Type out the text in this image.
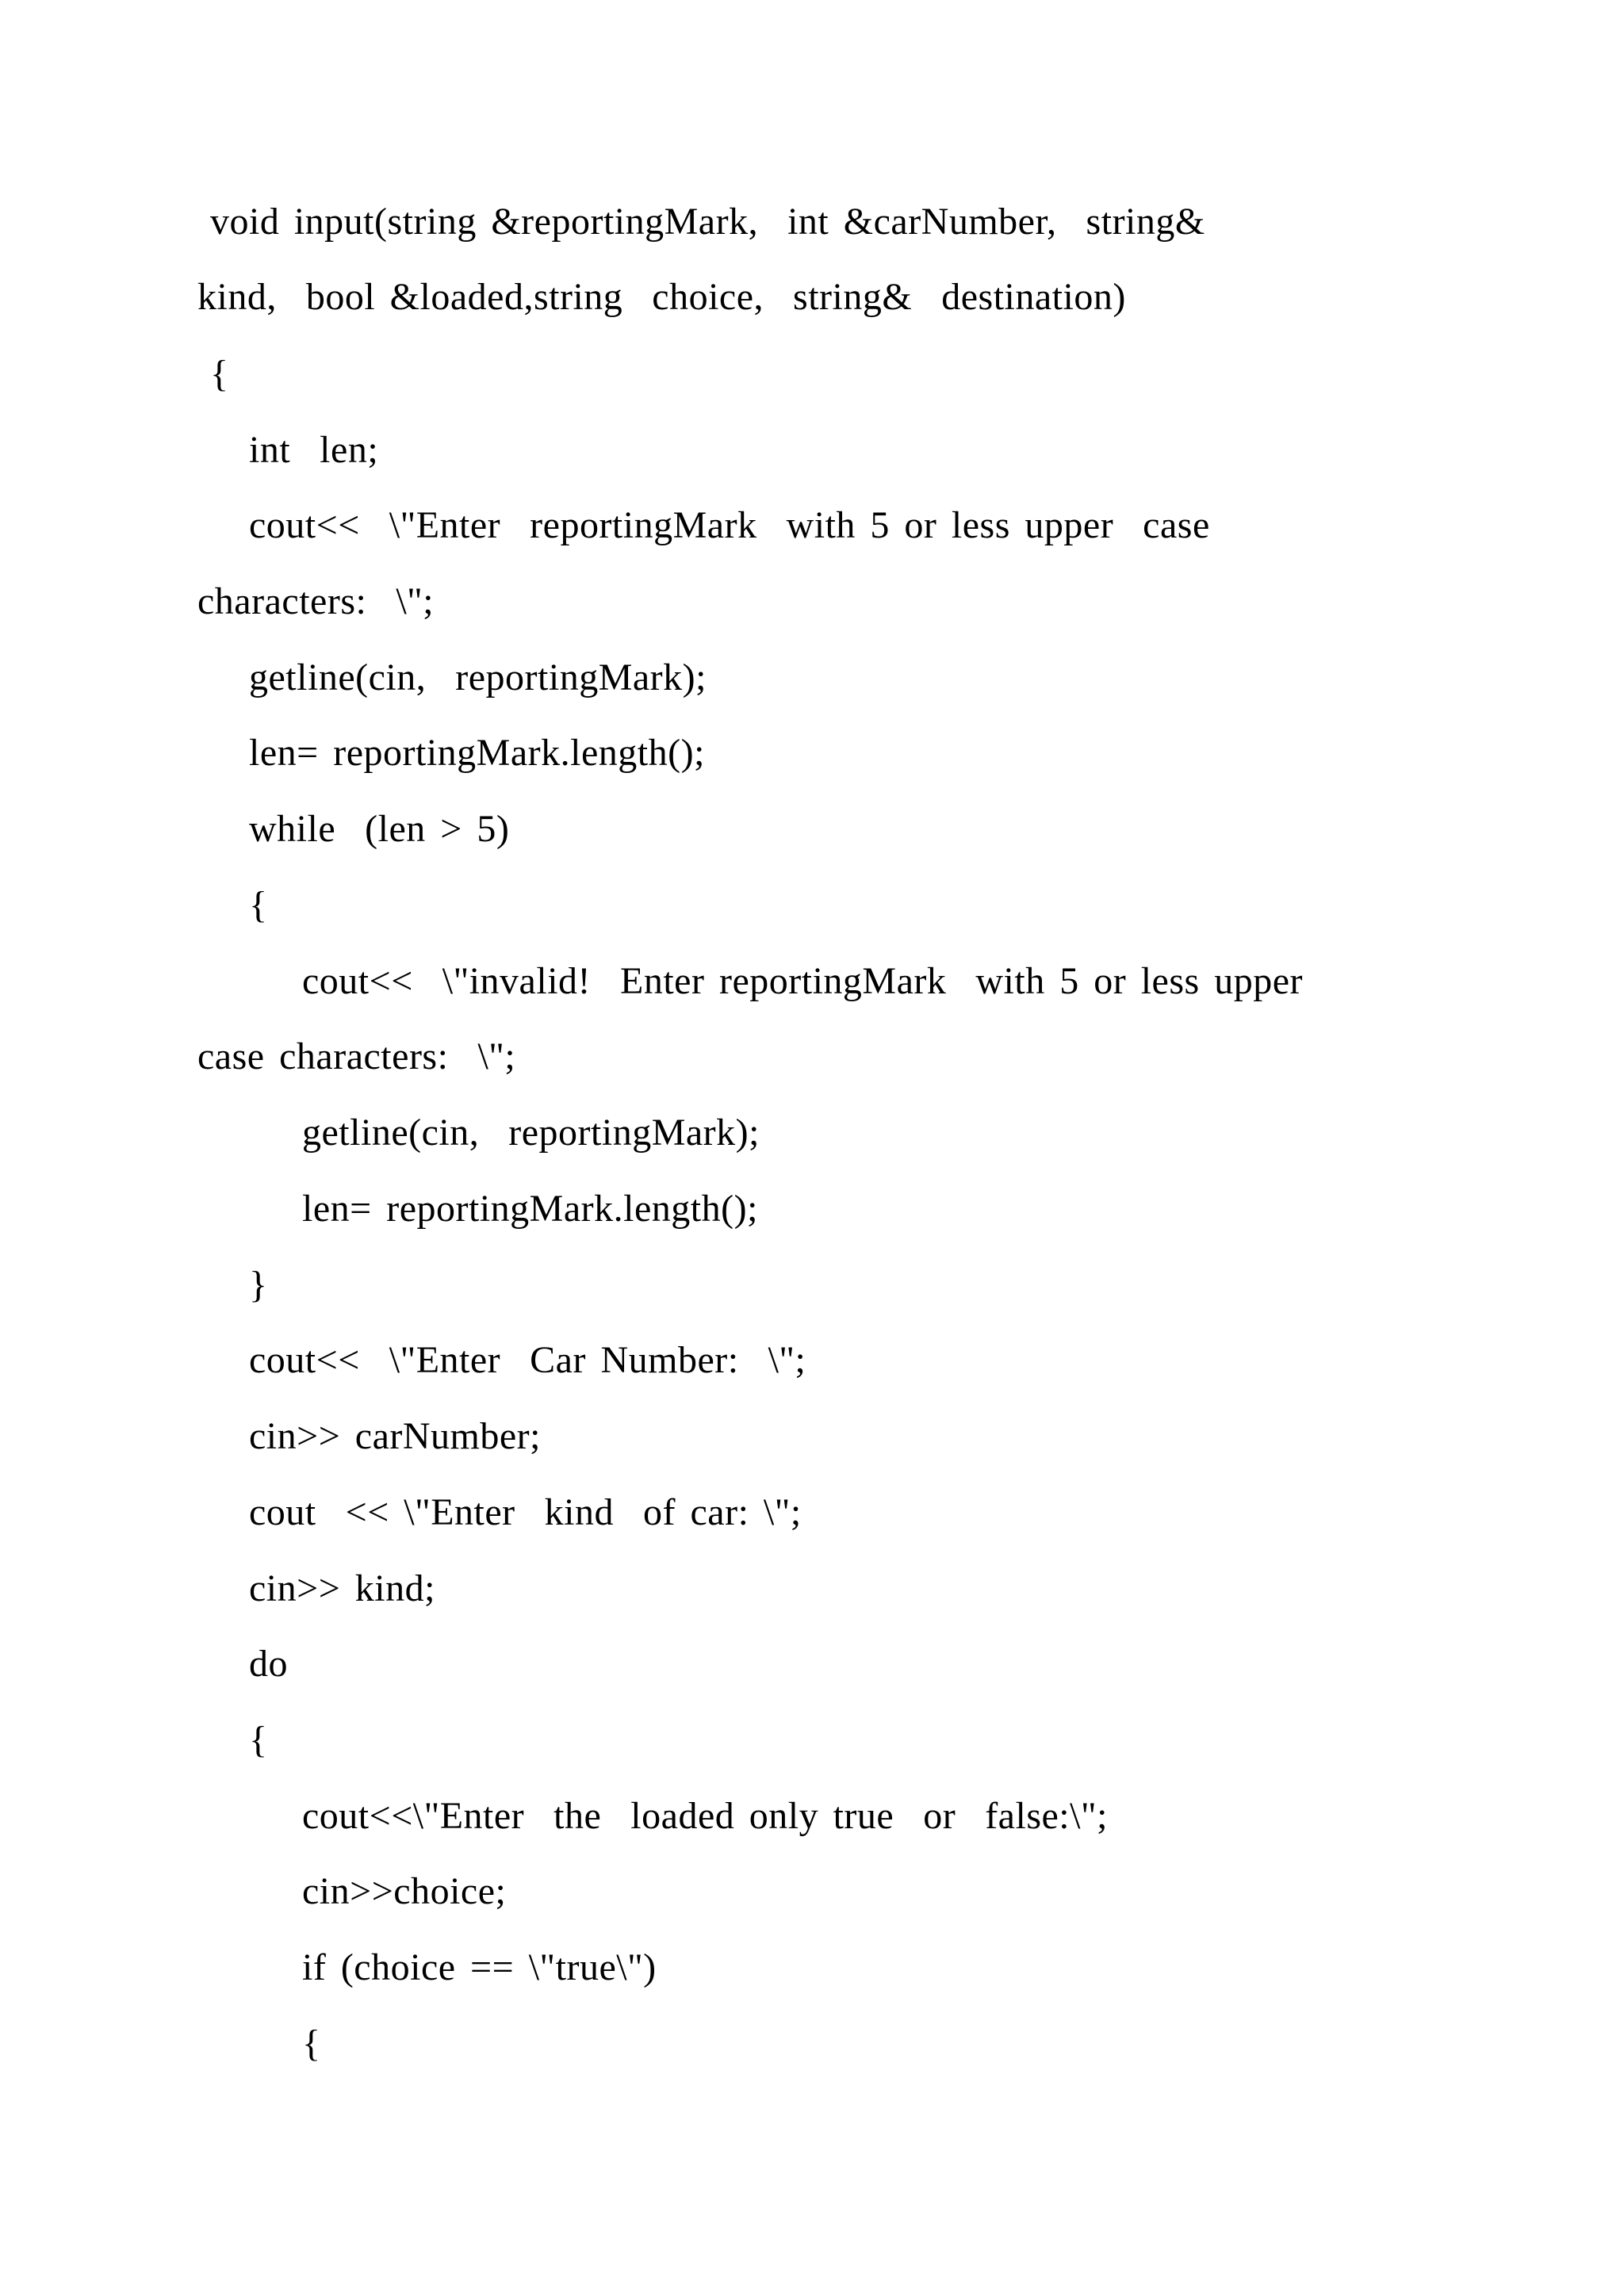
void input(string &reportingMark,  int &carNumber,  string&
kind,  bool &loaded,string  choice,  string&  destination)
{
int  len;
cout<<  \"Enter  reportingMark  with 5 or less upper  case
characters:  \";
getline(cin,  reportingMark);
len= reportingMark.length();
while  (len > 5)
{
cout<<  \"invalid!  Enter reportingMark  with 5 or less upper
case characters:  \";
getline(cin,  reportingMark);
len= reportingMark.length();
}
cout<<  \"Enter  Car Number:  \";
cin>> carNumber;
cout  << \"Enter  kind  of car: \";
cin>> kind;
do
{
cout<<\"Enter  the  loaded only true  or  false:\";
cin>>choice;
if (choice == \"true\")
{
